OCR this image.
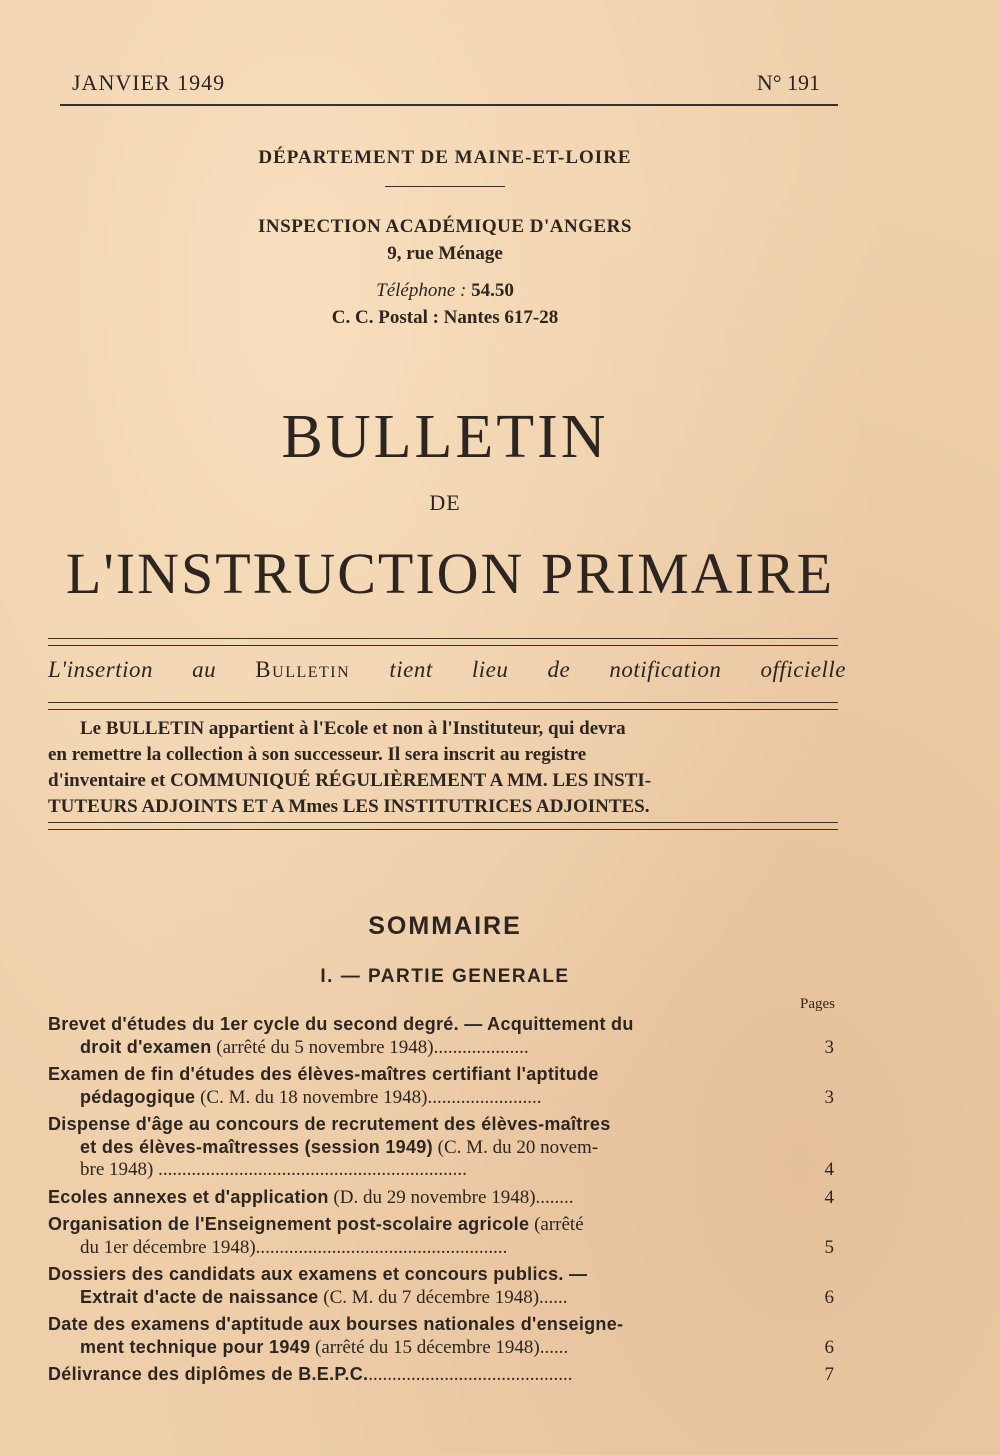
JANVIER 1949	N° 191
DÉPARTEMENT DE MAINE-ET-LOIRE
INSPECTION ACADÉMIQUE D'ANGERS
9, rue Ménage
Téléphone : 54.50
C. C. Postal : Nantes 617-28
BULLETIN
DE
L'INSTRUCTION PRIMAIRE
L'insertion au Bulletin tient lieu de notification officielle
Le BULLETIN appartient à l'Ecole et non à l'Instituteur, qui devra
en remettre la collection à son successeur. Il sera inscrit au registre
d'inventaire et COMMUNIQUÉ RÉGULIÈREMENT A MM. LES INSTI-
TUTEURS ADJOINTS ET A Mmes LES INSTITUTRICES ADJOINTES.
SOMMAIRE
I. — PARTIE GENERALE
Pages
Brevet d'études du 1er cycle du second degré. — Acquittement du
droit d'examen (arrêté du 5 novembre 1948)....................	3
Examen de fin d'études des élèves-maîtres certifiant l'aptitude
pédagogique (C. M. du 18 novembre 1948)........................	3
Dispense d'âge au concours de recrutement des élèves-maîtres
et des élèves-maîtresses (session 1949) (C. M. du 20 novem-
bre 1948) .................................................................	4
Ecoles annexes et d'application (D. du 29 novembre 1948)........	4
Organisation de l'Enseignement post-scolaire agricole (arrêté
du 1er décembre 1948).....................................................	5
Dossiers des candidats aux examens et concours publics. —
Extrait d'acte de naissance (C. M. du 7 décembre 1948)......	6
Date des examens d'aptitude aux bourses nationales d'enseigne-
ment technique pour 1949 (arrêté du 15 décembre 1948)......	6
Délivrance des diplômes de B.E.P.C............................................	7
